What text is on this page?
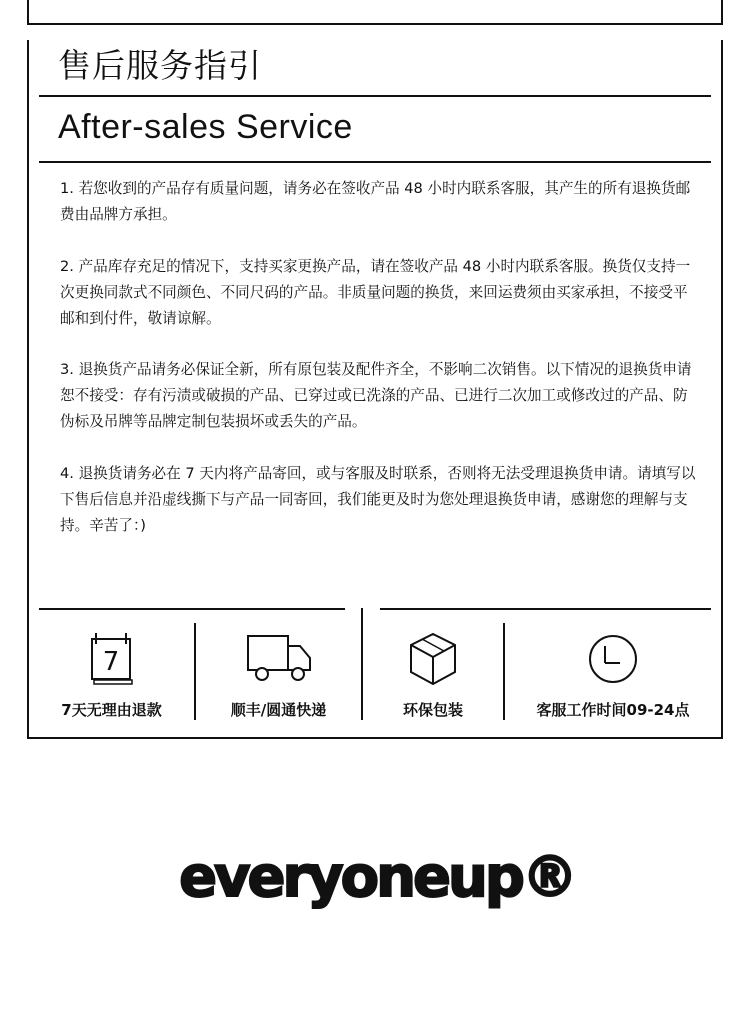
售后服务指引
After-sales Service
1. 若您收到的产品存有质量问题，请务必在签收产品 48 小时内联系客服，其产生的所有退换货邮费由品牌方承担。
2. 产品库存充足的情况下，支持买家更换产品，请在签收产品 48 小时内联系客服。换货仅支持一次更换同款式不同颜色、不同尺码的产品。非质量问题的换货，来回运费须由买家承担，不接受平邮和到付件，敬请谅解。
3. 退换货产品请务必保证全新，所有原包装及配件齐全，不影响二次销售。以下情况的退换货申请恕不接受：存有污渍或破损的产品、已穿过或已洗涤的产品、已进行二次加工或修改过的产品、防伪标及吊牌等品牌定制包装损坏或丢失的产品。
4. 退换货请务必在 7 天内将产品寄回，或与客服及时联系，否则将无法受理退换货申请。请填写以下售后信息并沿虚线撕下与产品一同寄回，我们能更及时为您处理退换货申请，感谢您的理解与支持。辛苦了：)
7
7天无理由退款	顺丰/圆通快递	环保包装	客服工作时间09-24点
everyoneup®
